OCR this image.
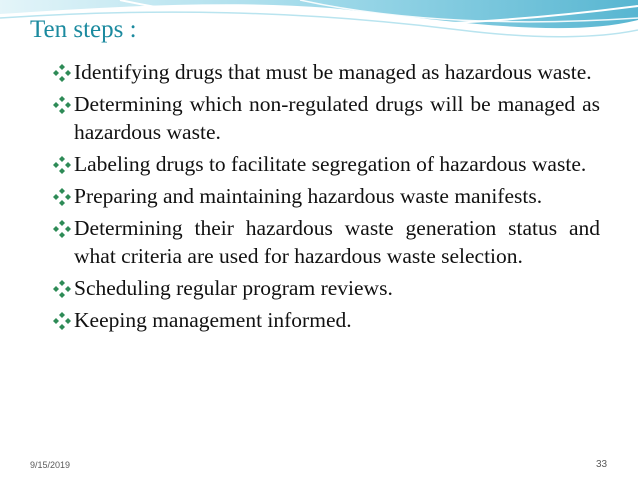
Ten steps :
Identifying drugs that must be managed as hazardous waste.
Determining which non-regulated drugs will be managed as hazardous waste.
Labeling drugs to facilitate segregation of hazardous waste.
Preparing and maintaining hazardous waste manifests.
Determining their hazardous waste generation status and what criteria are used for hazardous waste selection.
Scheduling regular program reviews.
Keeping management informed.
9/15/2019	33
